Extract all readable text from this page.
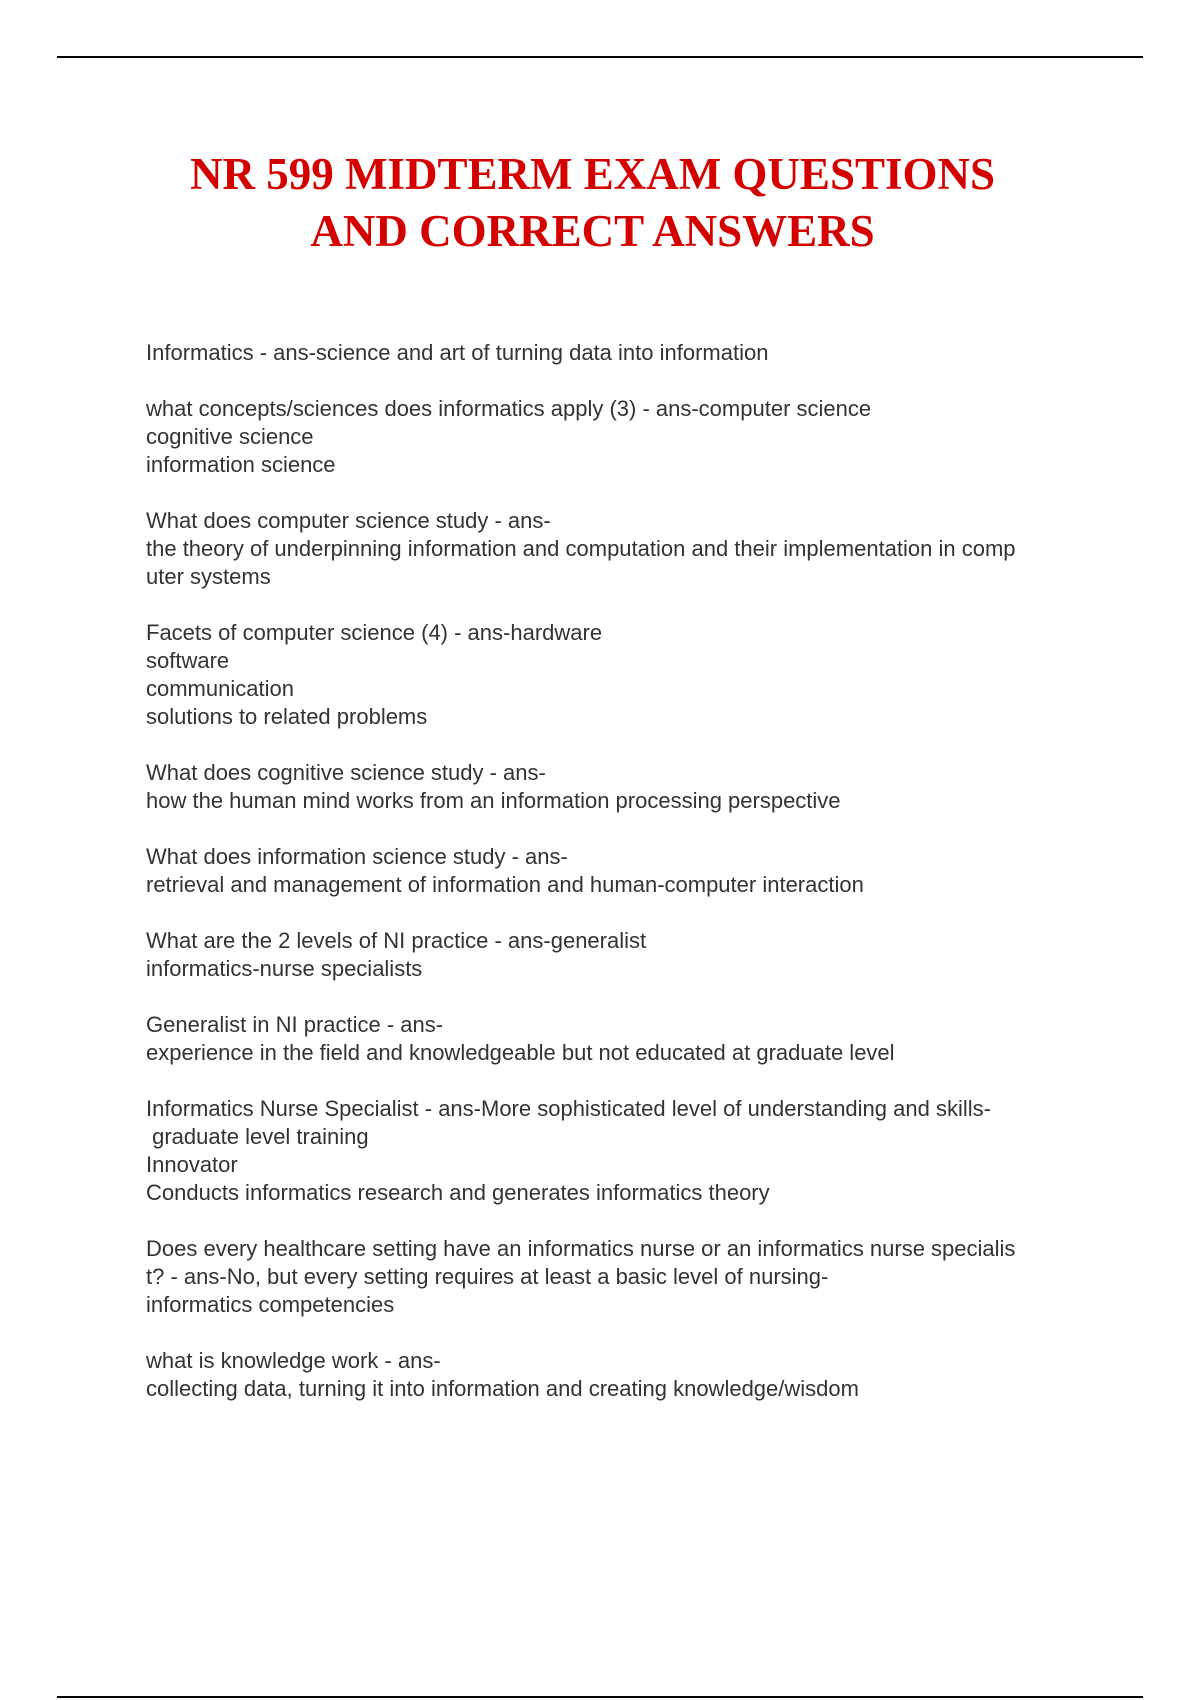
NR 599 MIDTERM EXAM QUESTIONS
AND CORRECT ANSWERS
Informatics - ans-science and art of turning data into information
what concepts/sciences does informatics apply (3) - ans-computer science
cognitive science
information science
What does computer science study - ans-
the theory of underpinning information and computation and their implementation in comp
uter systems
Facets of computer science (4) - ans-hardware
software
communication
solutions to related problems
What does cognitive science study - ans-
how the human mind works from an information processing perspective
What does information science study - ans-
retrieval and management of information and human-computer interaction
What are the 2 levels of NI practice - ans-generalist
informatics-nurse specialists
Generalist in NI practice - ans-
experience in the field and knowledgeable but not educated at graduate level
Informatics Nurse Specialist - ans-More sophisticated level of understanding and skills-
graduate level training
Innovator
Conducts informatics research and generates informatics theory
Does every healthcare setting have an informatics nurse or an informatics nurse specialis
t? - ans-No, but every setting requires at least a basic level of nursing-
informatics competencies
what is knowledge work - ans-
collecting data, turning it into information and creating knowledge/wisdom
